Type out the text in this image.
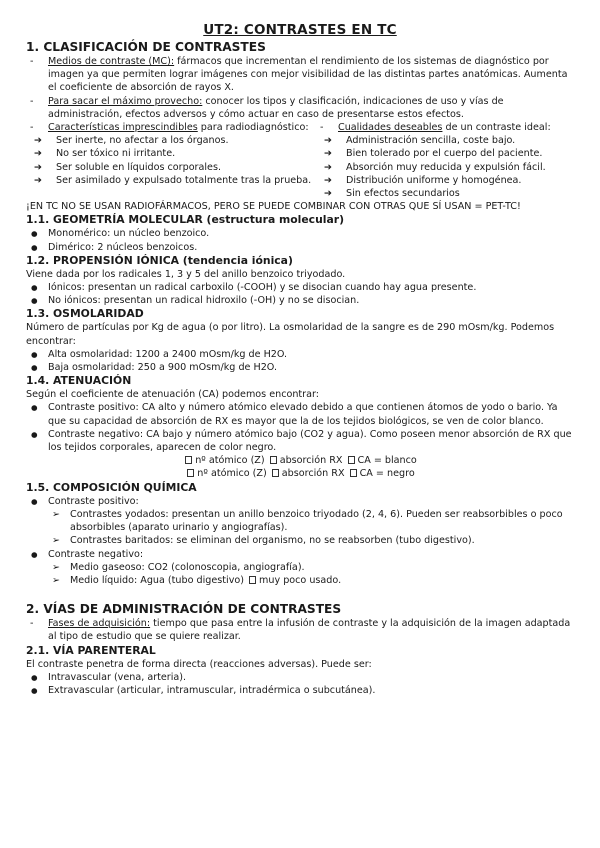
UT2: CONTRASTES EN TC
1. CLASIFICACIÓN DE CONTRASTES

- Medios de contraste (MC): fármacos que incrementan el rendimiento de los sistemas de diagnóstico por imagen ya que permiten lograr imágenes con mejor visibilidad de las distintas partes anatómicas. Aumenta el coeficiente de absorción de rayos X.

- Para sacar el máximo provecho: conocer los tipos y clasificación, indicaciones de uso y vías de administración, efectos adversos y cómo actuar en caso de presentarse estos efectos.

- Características imprescindibles para radiodiagnóstico:

➔ Ser inerte, no afectar a los órganos.
➔ No ser tóxico ni irritante.
➔ Ser soluble en líquidos corporales.
➔ Ser asimilado y expulsado totalmente tras la prueba.

- Cualidades deseables de un contraste ideal:

➔ Administración sencilla, coste bajo.
➔ Bien tolerado por el cuerpo del paciente.
➔ Absorción muy reducida y expulsión fácil.
➔ Distribución uniforme y homogénea.
➔ Sin efectos secundarios

¡EN TC NO SE USAN RADIOFÁRMACOS, PERO SE PUEDE COMBINAR CON OTRAS QUE SÍ USAN = PET-TC!

1.1. GEOMETRÍA MOLECULAR (estructura molecular)
● Monomérico: un núcleo benzoico.
● Dimérico: 2 núcleos benzoicos.
1.2. PROPENSIÓN IÓNICA (tendencia iónica)

Viene dada por los radicales 1, 3 y 5 del anillo benzoico triyodado.

● Iónicos: presentan un radical carboxilo (-COOH) y se disocian cuando hay agua presente.
● No iónicos: presentan un radical hidroxilo (-OH) y no se disocian.
1.3. OSMOLARIDAD

Número de partículas por Kg de agua (o por litro). La osmolaridad de la sangre es de 290 mOsm/kg. Podemos encontrar:

● Alta osmolaridad: 1200 a 2400 mOsm/kg de H2O.
● Baja osmolaridad: 250 a 900 mOsm/kg de H2O.
1.4. ATENUACIÓN

Según el coeficiente de atenuación (CA) podemos encontrar:

● Contraste positivo: CA alto y número atómico elevado debido a que contienen átomos de yodo o bario. Ya que su capacidad de absorción de RX es mayor que la de los tejidos biológicos, se ven de color blanco.
● Contraste negativo: CA bajo y número atómico bajo (CO2 y agua). Como poseen menor absorción de RX que los tejidos corporales, aparecen de color negro.

nº atómico (Z) absorción RX CA = blanco

nº atómico (Z) absorción RX CA = negro

1.5. COMPOSICIÓN QUÍMICA
● Contraste positivo:
➢ Contrastes yodados: presentan un anillo benzoico triyodado (2, 4, 6). Pueden ser reabsorbibles o poco absorbibles (aparato urinario y angiografías).
➢ Contrastes baritados: se eliminan del organismo, no se reabsorben (tubo digestivo).
● Contraste negativo:
➢ Medio gaseoso: CO2 (colonoscopia, angiografía).
➢ Medio líquido: Agua (tubo digestivo) muy poco usado.
2. VÍAS DE ADMINISTRACIÓN DE CONTRASTES

- Fases de adquisición: tiempo que pasa entre la infusión de contraste y la adquisición de la imagen adaptada al tipo de estudio que se quiere realizar.

2.1. VÍA PARENTERAL

El contraste penetra de forma directa (reacciones adversas). Puede ser:

● Intravascular (vena, arteria).
● Extravascular (articular, intramuscular, intradérmica o subcutánea).
